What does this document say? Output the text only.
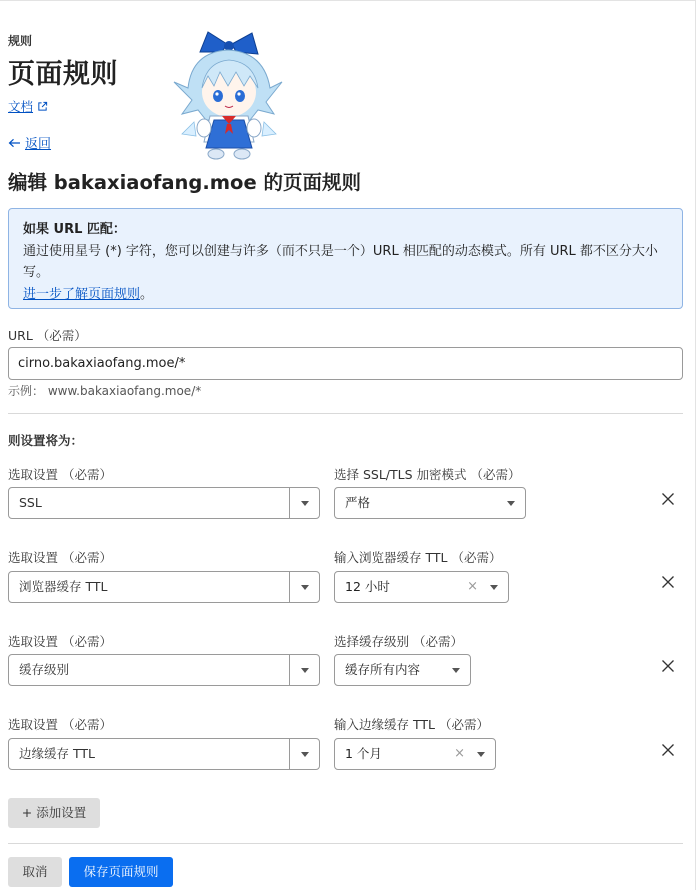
规则
页面规则
文档
返回
编辑 bakaxiaofang.moe 的页面规则
如果 URL 匹配：
通过使用星号 (*) 字符，您可以创建与许多（而不只是一个）URL 相匹配的动态模式。所有 URL 都不区分大小写。
进一步了解页面规则。
URL （必需）
cirno.bakaxiaofang.moe/*
示例： www.bakaxiaofang.moe/*
则设置将为：
选取设置 （必需）
SSL
选择 SSL/TLS 加密模式 （必需）
严格
选取设置 （必需）
浏览器缓存 TTL
输入浏览器缓存 TTL （必需）
12 小时	×
选取设置 （必需）
缓存级别
选择缓存级别 （必需）
缓存所有内容
选取设置 （必需）
边缘缓存 TTL
输入边缘缓存 TTL （必需）
1 个月	×
+ 添加设置
取消	保存页面规则
